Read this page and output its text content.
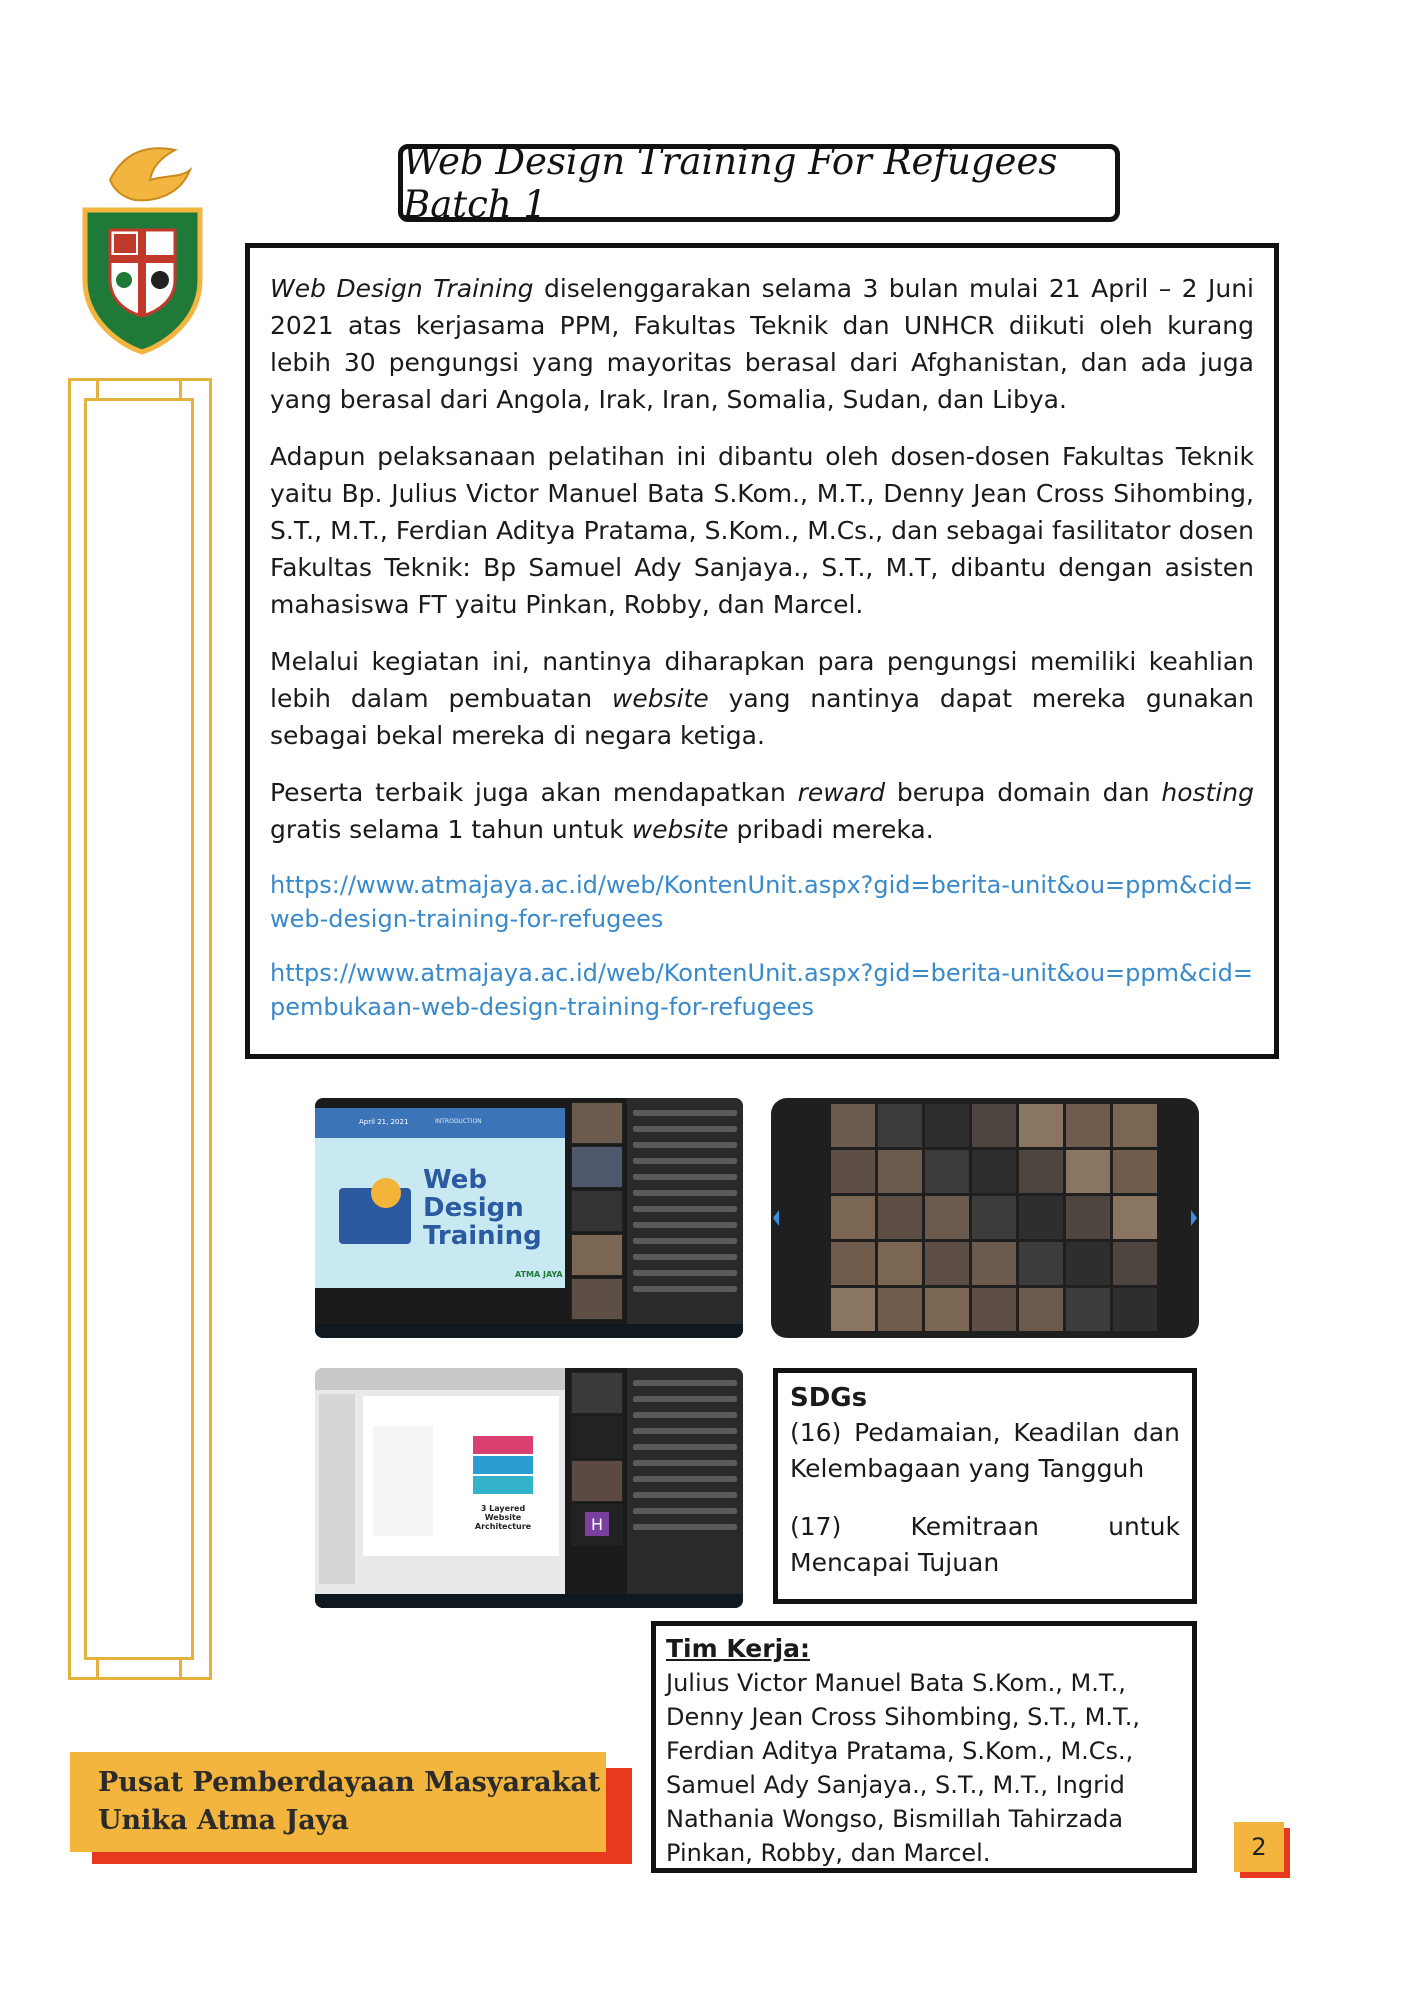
Web Design Training For Refugees Batch 1

Web Design Training diselenggarakan selama 3 bulan mulai 21 April – 2 Juni 2021 atas kerjasama PPM, Fakultas Teknik dan UNHCR diikuti oleh kurang lebih 30 pengungsi yang mayoritas berasal dari Afghanistan, dan ada juga yang berasal dari Angola, Irak, Iran, Somalia, Sudan, dan Libya.

Adapun pelaksanaan pelatihan ini dibantu oleh dosen-dosen Fakultas Teknik yaitu Bp. Julius Victor Manuel Bata S.Kom., M.T., Denny Jean Cross Sihombing, S.T., M.T., Ferdian Aditya Pratama, S.Kom., M.Cs., dan sebagai fasilitator dosen Fakultas Teknik: Bp Samuel Ady Sanjaya., S.T., M.T, dibantu dengan asisten mahasiswa FT yaitu Pinkan, Robby, dan Marcel.

Melalui kegiatan ini, nantinya diharapkan para pengungsi memiliki keahlian lebih dalam pembuatan website yang nantinya dapat mereka gunakan sebagai bekal mereka di negara ketiga.

Peserta terbaik juga akan mendapatkan reward berupa domain dan hosting gratis selama 1 tahun untuk website pribadi mereka.

https://www.atmajaya.ac.id/web/KontenUnit.aspx?gid=berita-unit&ou=ppm&cid=web-design-training-for-refugees

https://www.atmajaya.ac.id/web/KontenUnit.aspx?gid=berita-unit&ou=ppm&cid=pembukaan-web-design-training-for-refugees

April 21, 2021	INTRODUCTION
Web
Design
Training
ATMA JAYA
3 Layered Website Architecture	H
SDGs

(16) Pedamaian, Keadilan dan Kelembagaan yang Tangguh

(17) Kemitraan untuk Mencapai Tujuan

Tim Kerja:
Julius Victor Manuel Bata S.Kom., M.T.,
Denny Jean Cross Sihombing, S.T., M.T.,
Ferdian Aditya Pratama, S.Kom., M.Cs.,
Samuel Ady Sanjaya., S.T., M.T., Ingrid
Nathania Wongso, Bismillah Tahirzada
Pinkan, Robby, dan Marcel.
Pusat Pemberdayaan Masyarakat
Unika Atma Jaya
2
